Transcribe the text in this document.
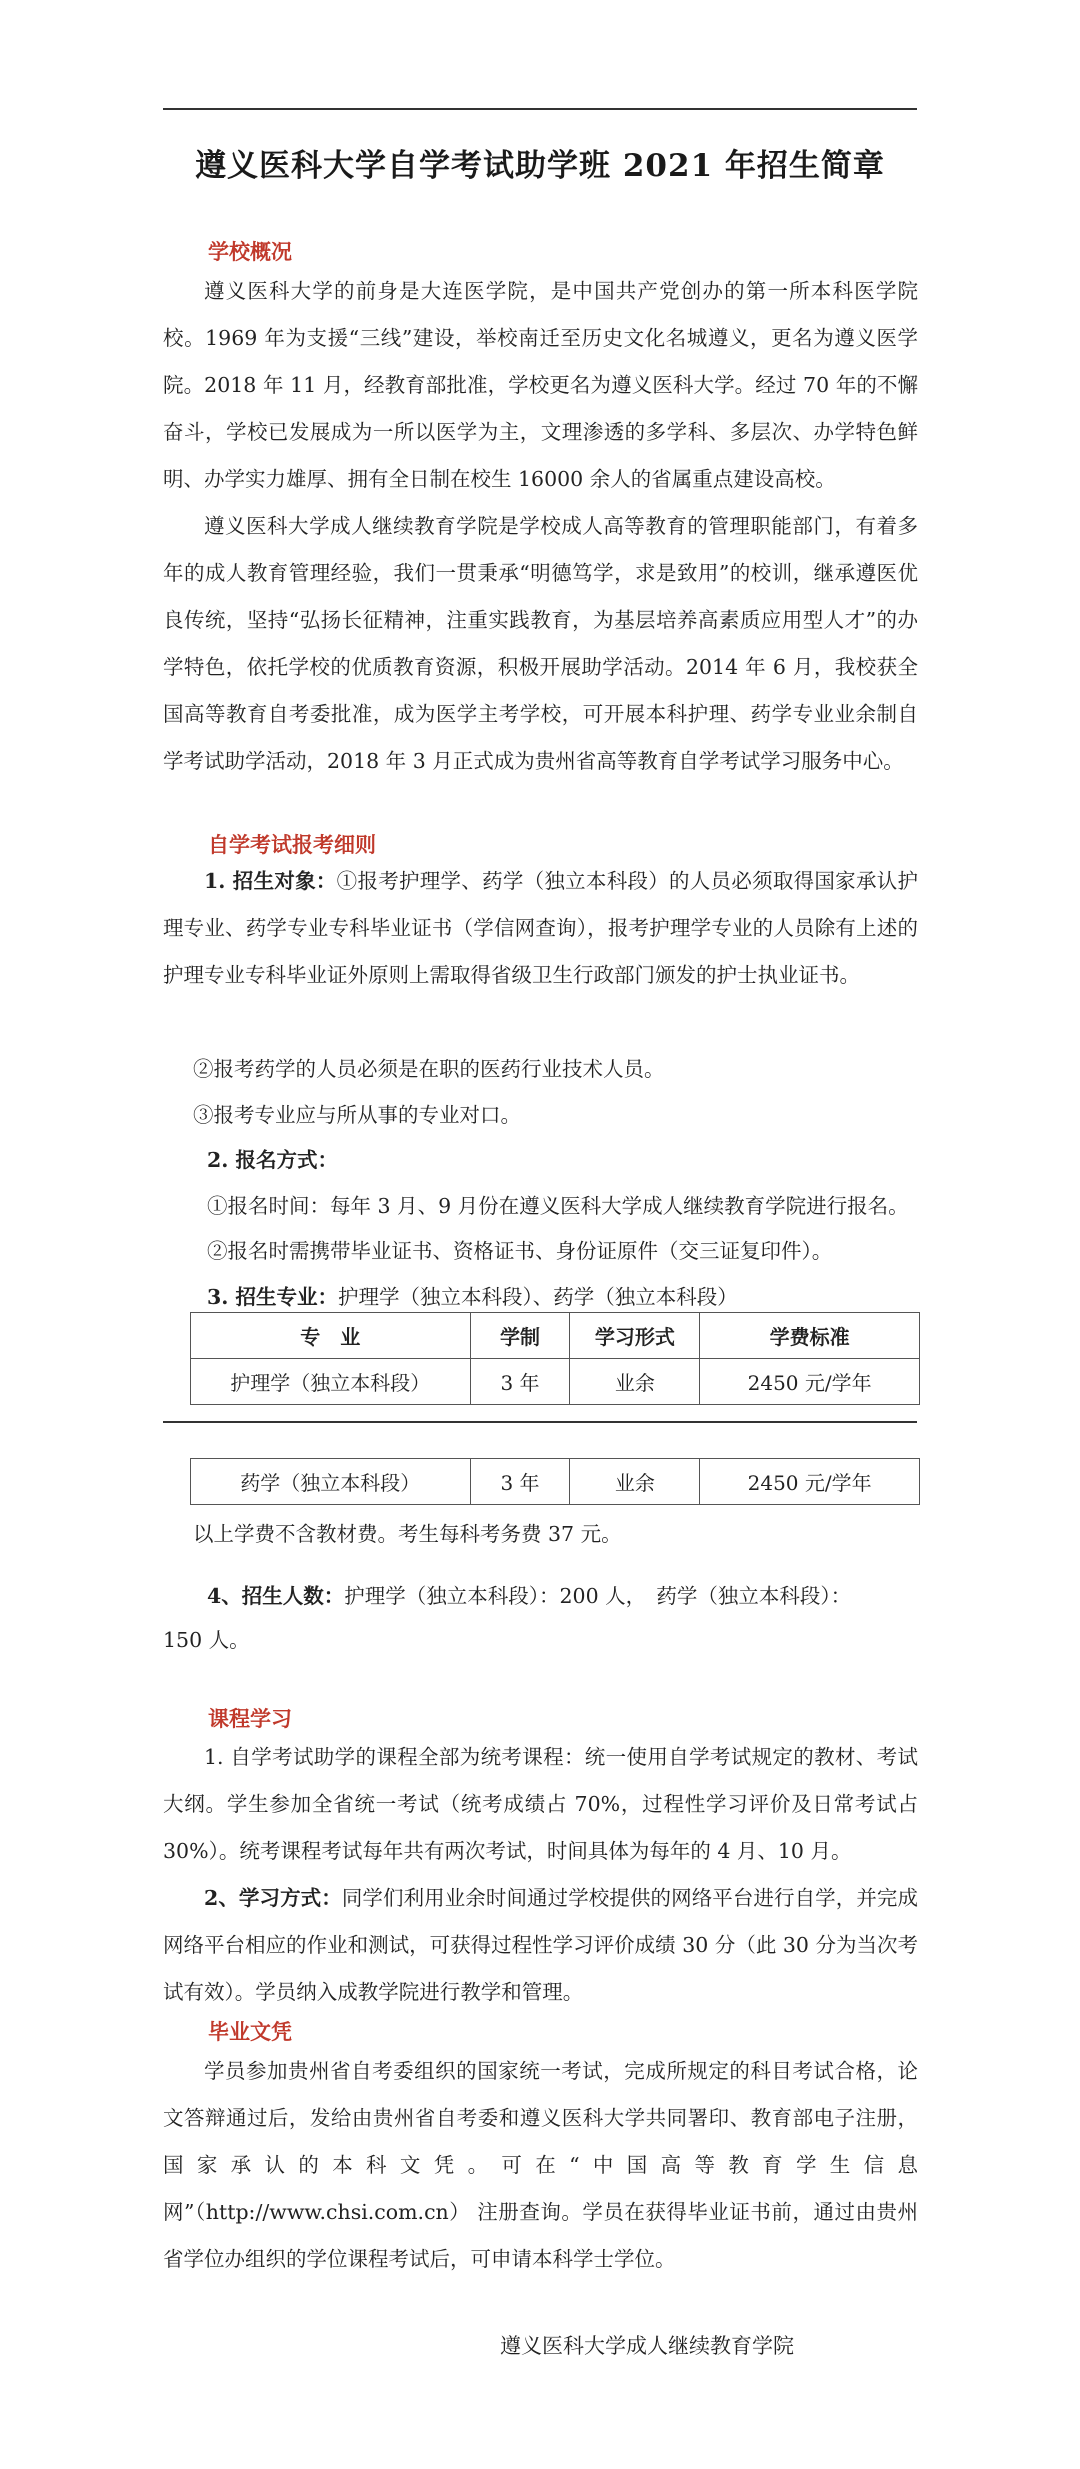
遵义医科大学自学考试助学班 2021 年招生简章
学校概况

遵义医科大学的前身是大连医学院，是中国共产党创办的第一所本科医学院校。1969 年为支援“三线”建设，举校南迁至历史文化名城遵义，更名为遵义医学院。2018 年 11 月，经教育部批准，学校更名为遵义医科大学。经过 70 年的不懈奋斗，学校已发展成为一所以医学为主，文理渗透的多学科、多层次、办学特色鲜明、办学实力雄厚、拥有全日制在校生 16000 余人的省属重点建设高校。

遵义医科大学成人继续教育学院是学校成人高等教育的管理职能部门，有着多年的成人教育管理经验，我们一贯秉承“明德笃学，求是致用”的校训，继承遵医优良传统，坚持“弘扬长征精神，注重实践教育，为基层培养高素质应用型人才”的办学特色，依托学校的优质教育资源，积极开展助学活动。2014 年 6 月，我校获全国高等教育自考委批准，成为医学主考学校，可开展本科护理、药学专业业余制自学考试助学活动，2018 年 3 月正式成为贵州省高等教育自学考试学习服务中心。

自学考试报考细则

1. 招生对象：①报考护理学、药学（独立本科段）的人员必须取得国家承认护理专业、药学专业专科毕业证书（学信网查询），报考护理学专业的人员除有上述的护理专业专科毕业证外原则上需取得省级卫生行政部门颁发的护士执业证书。

②报考药学的人员必须是在职的医药行业技术人员。

③报考专业应与所从事的专业对口。

2. 报名方式：

①报名时间：每年 3 月、9 月份在遵义医科大学成人继续教育学院进行报名。

②报名时需携带毕业证书、资格证书、身份证原件（交三证复印件）。

3. 招生专业：护理学（独立本科段）、药学（独立本科段）

专　业	学制	学习形式	学费标准
护理学（独立本科段）	3 年	业余	2450 元/学年
药学（独立本科段）	3 年	业余	2450 元/学年

以上学费不含教材费。考生每科考务费 37 元。

4、招生人数：护理学（独立本科段）：200 人，　药学（独立本科段）：

150 人。

课程学习

1. 自学考试助学的课程全部为统考课程：统一使用自学考试规定的教材、考试大纲。学生参加全省统一考试（统考成绩占 70%，过程性学习评价及日常考试占 30%）。统考课程考试每年共有两次考试，时间具体为每年的 4 月、10 月。

2、学习方式：同学们利用业余时间通过学校提供的网络平台进行自学，并完成网络平台相应的作业和测试，可获得过程性学习评价成绩 30 分（此 30 分为当次考试有效）。学员纳入成教学院进行教学和管理。

毕业文凭

学员参加贵州省自考委组织的国家统一考试，完成所规定的科目考试合格，论文答辩通过后，发给由贵州省自考委和遵义医科大学共同署印、教育部电子注册，国家承认的本科文凭。可在“中国高等教育学生信息网”（http://www.chsi.com.cn） 注册查询。学员在获得毕业证书前，通过由贵州省学位办组织的学位课程考试后，可申请本科学士学位。

遵义医科大学成人继续教育学院
